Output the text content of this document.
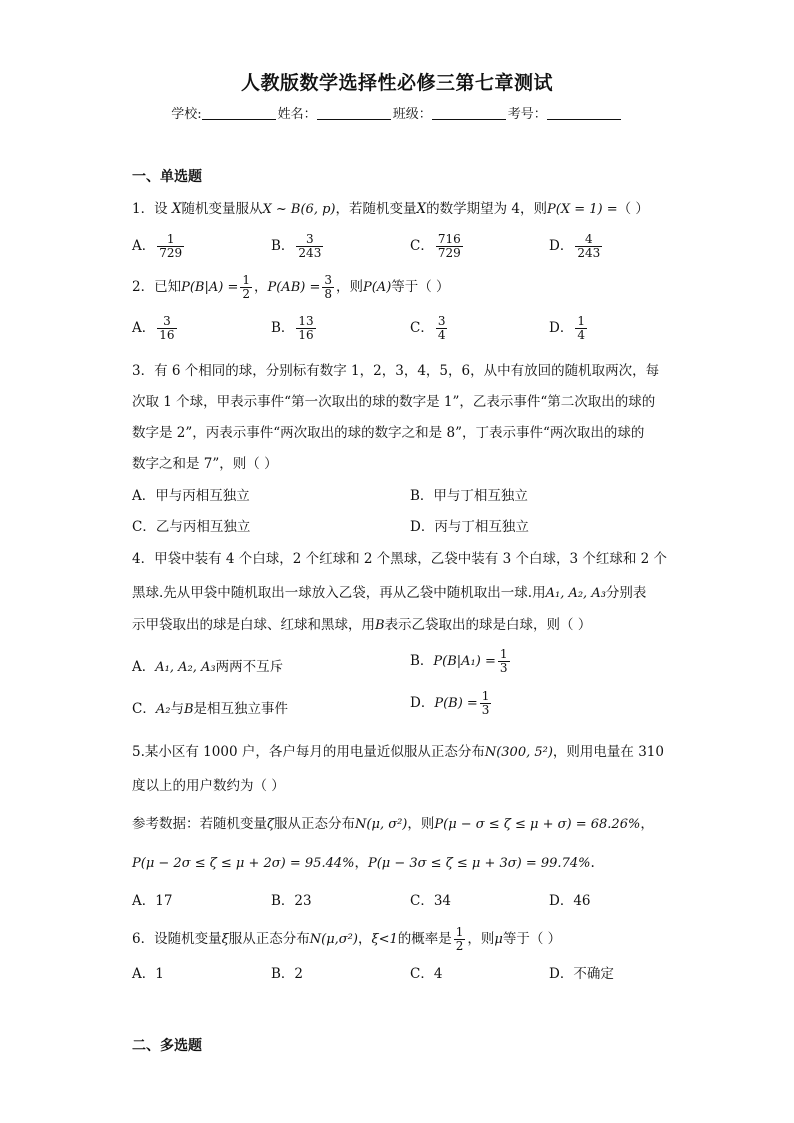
人教版数学选择性必修三第七章测试
学校:	姓名：	班级：	考号：
一、单选题
1．设 X随机变量服从X ~ B(6, p)，若随机变量X的数学期望为 4，则P(X = 1) =（ ）
A． $\frac{1}{729}$	B． $\frac{3}{243}$	C． $\frac{716}{729}$	D． $\frac{4}{243}$
2．已知$P(B|A) = \frac{1}{2}$ ，$P(AB) = \frac{3}{8}$ ，则P(A)等于（ ）
A． $\frac{3}{16}$	B． $\frac{13}{16}$	C． $\frac{3}{4}$	D． $\frac{1}{4}$
3．有 6 个相同的球，分别标有数字 1，2，3，4，5，6，从中有放回的随机取两次，每
次取 1 个球，甲表示事件“第一次取出的球的数字是 1”，乙表示事件“第二次取出的球的
数字是 2”，丙表示事件“两次取出的球的数字之和是 8”，丁表示事件“两次取出的球的
数字之和是 7”，则（ ）
A．甲与丙相互独立	B．甲与丁相互独立
C．乙与丙相互独立	D．丙与丁相互独立
4．甲袋中装有 4 个白球，2 个红球和 2 个黑球，乙袋中装有 3 个白球，3 个红球和 2 个
黑球.先从甲袋中随机取出一球放入乙袋，再从乙袋中随机取出一球.用A₁, A₂, A₃分别表
示甲袋取出的球是白球、红球和黑球，用B表示乙袋取出的球是白球，则（ ）
A．A₁, A₂, A₃两两不互斥	B．$P(B|A_1) = \frac{1}{3}$
C．A₂与B是相互独立事件	D．$P(B) = \frac{1}{3}$
5.某小区有 1000 户，各户每月的用电量近似服从正态分布N(300, 5²)，则用电量在 310
度以上的用户数约为（ ）
参考数据：若随机变量ζ服从正态分布N(μ, σ²)，则P(μ − σ ≤ ζ ≤ μ + σ) = 68.26%，
P(μ − 2σ ≤ ζ ≤ μ + 2σ) = 95.44%，P(μ − 3σ ≤ ζ ≤ μ + 3σ) = 99.74%.
A．17	B．23	C．34	D．46
6．设随机变量ξ服从正态分布N(μ,σ²)，ξ<1的概率是 $\frac{1}{2}$ ，则μ等于（ ）
A．1	B．2	C．4	D．不确定
二、多选题
